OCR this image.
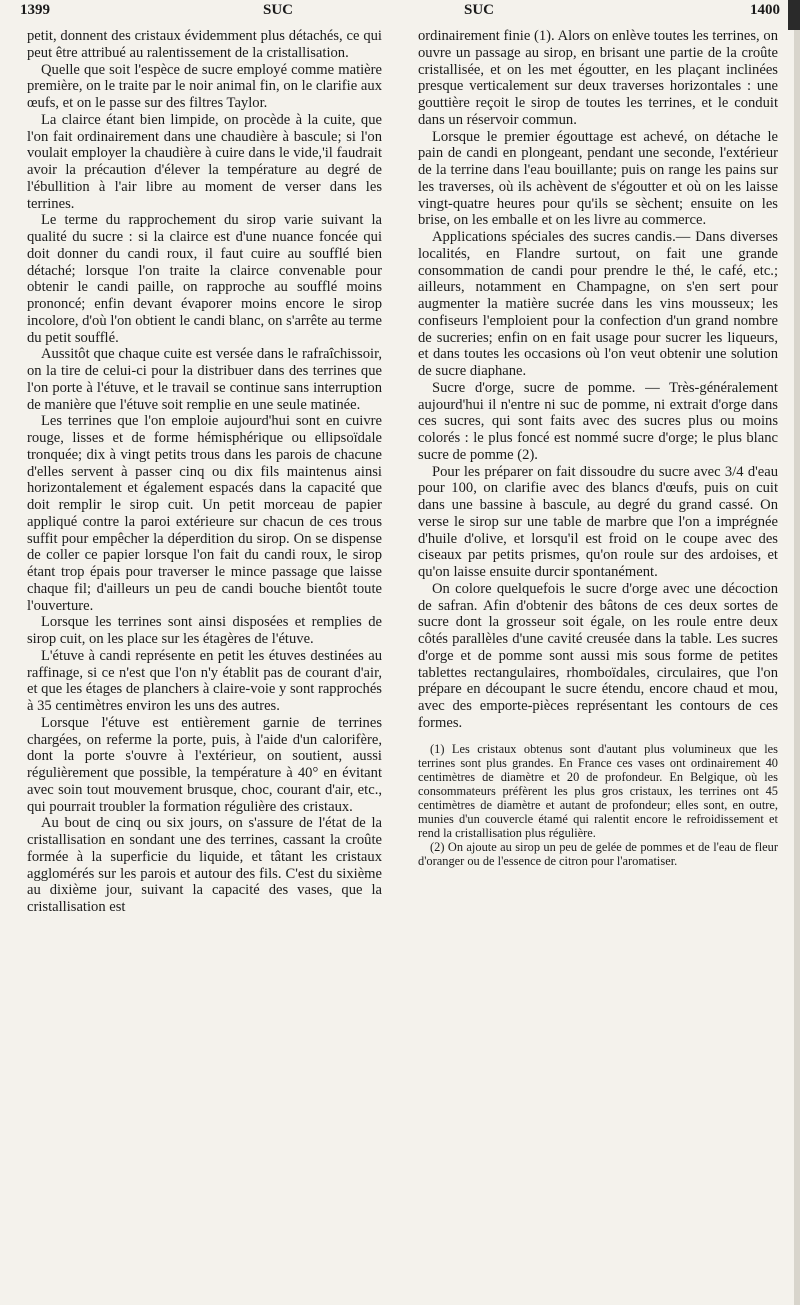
1399	SUC	SUC	1400

petit, donnent des cristaux évidemment plus détachés, ce qui peut être attribué au ralentissement de la cristallisation.

Quelle que soit l'espèce de sucre employé comme matière première, on le traite par le noir animal fin, on le clarifie aux œufs, et on le passe sur des filtres Taylor.

La clairce étant bien limpide, on procède à la cuite, que l'on fait ordinairement dans une chaudière à bascule; si l'on voulait employer la chaudière à cuire dans le vide,'il faudrait avoir la précaution d'élever la température au degré de l'ébullition à l'air libre au moment de verser dans les terrines.

Le terme du rapprochement du sirop varie suivant la qualité du sucre : si la clairce est d'une nuance foncée qui doit donner du candi roux, il faut cuire au soufflé bien détaché; lorsque l'on traite la clairce convenable pour obtenir le candi paille, on rapproche au soufflé moins prononcé; enfin devant évaporer moins encore le sirop incolore, d'où l'on obtient le candi blanc, on s'arrête au terme du petit soufflé.

Aussitôt que chaque cuite est versée dans le rafraîchissoir, on la tire de celui-ci pour la distribuer dans des terrines que l'on porte à l'étuve, et le travail se continue sans interruption de manière que l'étuve soit remplie en une seule matinée.

Les terrines que l'on emploie aujourd'hui sont en cuivre rouge, lisses et de forme hémisphérique ou ellipsoïdale tronquée; dix à vingt petits trous dans les parois de chacune d'elles servent à passer cinq ou dix fils maintenus ainsi horizontalement et également espacés dans la capacité que doit remplir le sirop cuit. Un petit morceau de papier appliqué contre la paroi extérieure sur chacun de ces trous suffit pour empêcher la déperdition du sirop. On se dispense de coller ce papier lorsque l'on fait du candi roux, le sirop étant trop épais pour traverser le mince passage que laisse chaque fil; d'ailleurs un peu de candi bouche bientôt toute l'ouverture.

Lorsque les terrines sont ainsi disposées et remplies de sirop cuit, on les place sur les étagères de l'étuve.

L'étuve à candi représente en petit les étuves destinées au raffinage, si ce n'est que l'on n'y établit pas de courant d'air, et que les étages de planchers à claire-voie y sont rapprochés à 35 centimètres environ les uns des autres.

Lorsque l'étuve est entièrement garnie de terrines chargées, on referme la porte, puis, à l'aide d'un calorifère, dont la porte s'ouvre à l'extérieur, on soutient, aussi régulièrement que possible, la température à 40° en évitant avec soin tout mouvement brusque, choc, courant d'air, etc., qui pourrait troubler la formation régulière des cristaux.

Au bout de cinq ou six jours, on s'assure de l'état de la cristallisation en sondant une des terrines, cassant la croûte formée à la superficie du liquide, et tâtant les cristaux agglomérés sur les parois et autour des fils. C'est du sixième au dixième jour, suivant la capacité des vases, que la cristallisation est

ordinairement finie (1). Alors on enlève toutes les terrines, on ouvre un passage au sirop, en brisant une partie de la croûte cristallisée, et on les met égoutter, en les plaçant inclinées presque verticalement sur deux traverses horizontales : une gouttière reçoit le sirop de toutes les terrines, et le conduit dans un réservoir commun.

Lorsque le premier égouttage est achevé, on détache le pain de candi en plongeant, pendant une seconde, l'extérieur de la terrine dans l'eau bouillante; puis on range les pains sur les traverses, où ils achèvent de s'égoutter et où on les laisse vingt-quatre heures pour qu'ils se sèchent; ensuite on les brise, on les emballe et on les livre au commerce.

Applications spéciales des sucres candis.— Dans diverses localités, en Flandre surtout, on fait une grande consommation de candi pour prendre le thé, le café, etc.; ailleurs, notamment en Champagne, on s'en sert pour augmenter la matière sucrée dans les vins mousseux; les confiseurs l'emploient pour la confection d'un grand nombre de sucreries; enfin on en fait usage pour sucrer les liqueurs, et dans toutes les occasions où l'on veut obtenir une solution de sucre diaphane.

Sucre d'orge, sucre de pomme. — Très-généralement aujourd'hui il n'entre ni suc de pomme, ni extrait d'orge dans ces sucres, qui sont faits avec des sucres plus ou moins colorés : le plus foncé est nommé sucre d'orge; le plus blanc sucre de pomme (2).

Pour les préparer on fait dissoudre du sucre avec 3/4 d'eau pour 100, on clarifie avec des blancs d'œufs, puis on cuit dans une bassine à bascule, au degré du grand cassé. On verse le sirop sur une table de marbre que l'on a imprégnée d'huile d'olive, et lorsqu'il est froid on le coupe avec des ciseaux par petits prismes, qu'on roule sur des ardoises, et qu'on laisse ensuite durcir spontanément.

On colore quelquefois le sucre d'orge avec une décoction de safran. Afin d'obtenir des bâtons de ces deux sortes de sucre dont la grosseur soit égale, on les roule entre deux côtés parallèles d'une cavité creusée dans la table. Les sucres d'orge et de pomme sont aussi mis sous forme de petites tablettes rectangulaires, rhomboïdales, circulaires, que l'on prépare en découpant le sucre étendu, encore chaud et mou, avec des emporte-pièces représentant les contours de ces formes.

(1) Les cristaux obtenus sont d'autant plus volumineux que les terrines sont plus grandes. En France ces vases ont ordinairement 40 centimètres de diamètre et 20 de profondeur. En Belgique, où les consommateurs préfèrent les plus gros cristaux, les terrines ont 45 centimètres de diamètre et autant de profondeur; elles sont, en outre, munies d'un couvercle étamé qui ralentit encore le refroidissement et rend la cristallisation plus régulière.

(2) On ajoute au sirop un peu de gelée de pommes et de l'eau de fleur d'oranger ou de l'essence de citron pour l'aromatiser.
